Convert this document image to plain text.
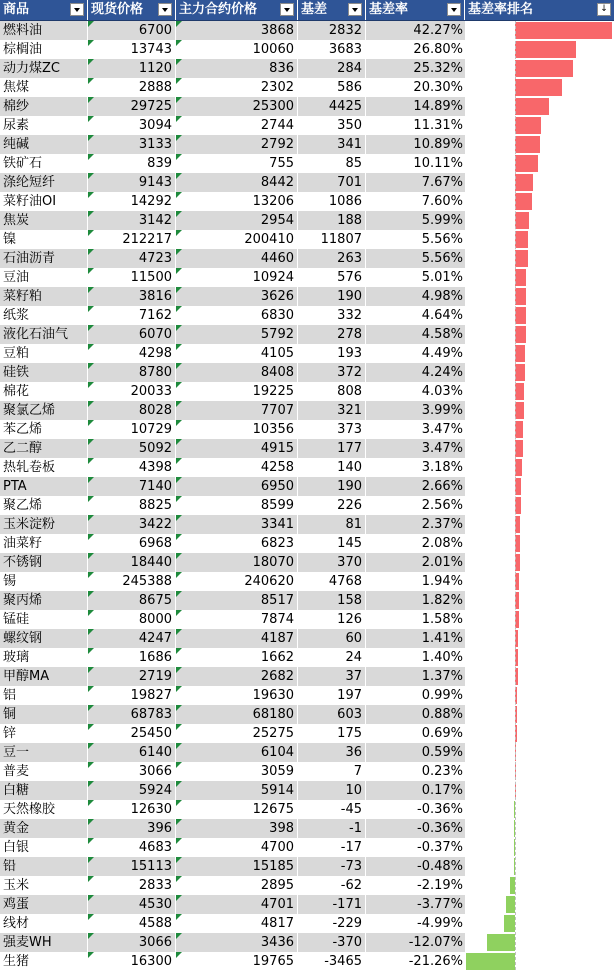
商品	现货价格	主力合约价格	基差	基差率	基差率排名	↓
燃料油	6700	3868	2832	42.27%
棕榈油	13743	10060	3683	26.80%
动力煤ZC	1120	836	284	25.32%
焦煤	2888	2302	586	20.30%
棉纱	29725	25300	4425	14.89%
尿素	3094	2744	350	11.31%
纯碱	3133	2792	341	10.89%
铁矿石	839	755	85	10.11%
涤纶短纤	9143	8442	701	7.67%
菜籽油OI	14292	13206	1086	7.60%
焦炭	3142	2954	188	5.99%
镍	212217	200410	11807	5.56%
石油沥青	4723	4460	263	5.56%
豆油	11500	10924	576	5.01%
菜籽粕	3816	3626	190	4.98%
纸浆	7162	6830	332	4.64%
液化石油气	6070	5792	278	4.58%
豆粕	4298	4105	193	4.49%
硅铁	8780	8408	372	4.24%
棉花	20033	19225	808	4.03%
聚氯乙烯	8028	7707	321	3.99%
苯乙烯	10729	10356	373	3.47%
乙二醇	5092	4915	177	3.47%
热轧卷板	4398	4258	140	3.18%
PTA	7140	6950	190	2.66%
聚乙烯	8825	8599	226	2.56%
玉米淀粉	3422	3341	81	2.37%
油菜籽	6968	6823	145	2.08%
不锈钢	18440	18070	370	2.01%
锡	245388	240620	4768	1.94%
聚丙烯	8675	8517	158	1.82%
锰硅	8000	7874	126	1.58%
螺纹钢	4247	4187	60	1.41%
玻璃	1686	1662	24	1.40%
甲醇MA	2719	2682	37	1.37%
铝	19827	19630	197	0.99%
铜	68783	68180	603	0.88%
锌	25450	25275	175	0.69%
豆一	6140	6104	36	0.59%
普麦	3066	3059	7	0.23%
白糖	5924	5914	10	0.17%
天然橡胶	12630	12675	-45	-0.36%
黄金	396	398	-1	-0.36%
白银	4683	4700	-17	-0.37%
铅	15113	15185	-73	-0.48%
玉米	2833	2895	-62	-2.19%
鸡蛋	4530	4701	-171	-3.77%
线材	4588	4817	-229	-4.99%
强麦WH	3066	3436	-370	-12.07%
生猪	16300	19765	-3465	-21.26%
